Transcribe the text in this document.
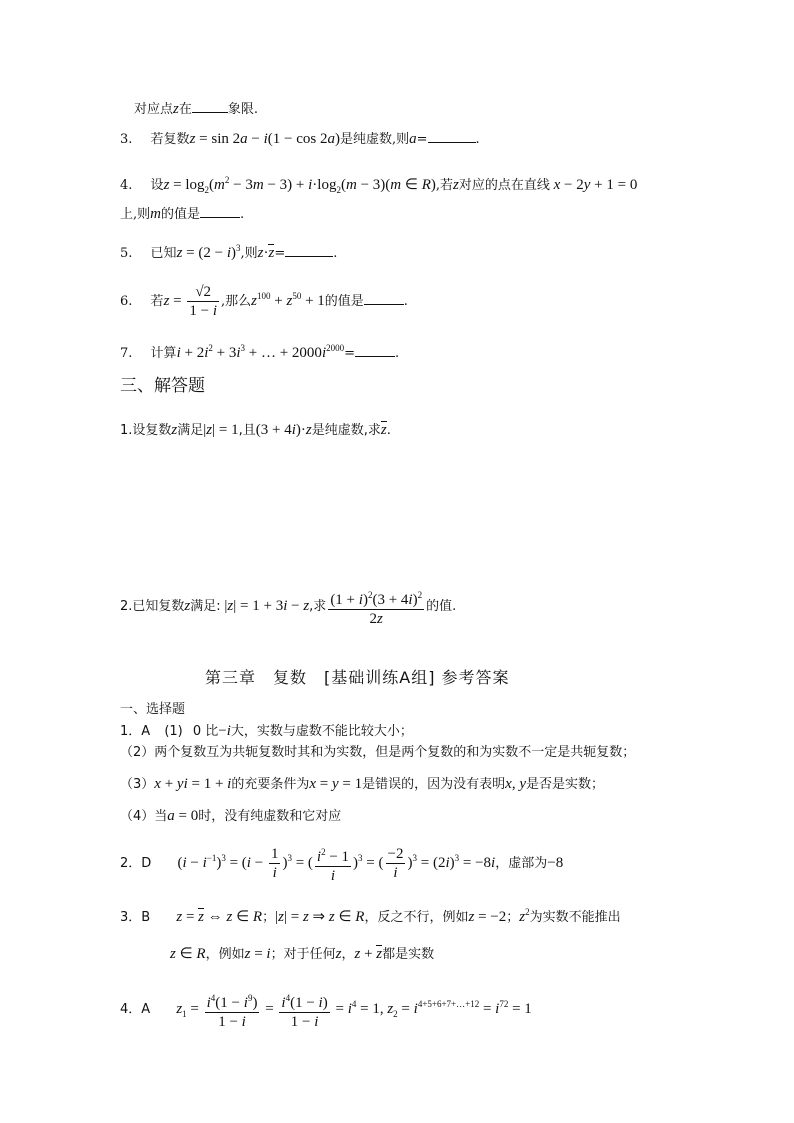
对应点z在	象限.
3. 若复数z = sin 2a − i(1 − cos 2a)是纯虚数,则a=	.
4. 设$z = \log_2(m^2 - 3m - 3) + i\cdot\log_2(m - 3)(m$ ∈ R),若z对应的点在直线 x − 2y + 1 = 0
上,则m的值是	.
5. 已知$z = (2 - i)^3$,则z·z=	.
6. 若$z = \frac{√2}{1 - i}$ ,那么$z^{100} + z^{50} + 1$的值是	.
7. 计算$i + 2i^2 + 3i^3$ + … + $2000i^{2000}=$	.
三、解答题
1.设复数z满足|z| = 1,且(3 + 4i)·z是纯虚数,求z.
2.已知复数z满足: |z| = 1 + 3i − z,求 $\frac{(1 + i)^2(3 + 4i)^2}{2z}$ 的值.
第三章　复数　[基础训练A组] 参考答案
一、选择题
1．A (1) 0 比−i大，实数与虚数不能比较大小；
（2）两个复数互为共轭复数时其和为实数，但是两个复数的和为实数不一定是共轭复数；
（3）x + yi = 1 + i的充要条件为x = y = 1是错误的，因为没有表明x, y是否是实数；
（4）当a = 0时，没有纯虚数和它对应
2．D $(i - i^{-1})^3 = (i - \frac{1}{i} )^3$ = ( $\frac{i^2 - 1}{i} )^3$ = ( $\frac{-2}{i} )^3 = (2i)^3 = -8i$，虚部为−8
3．B z = z ⇔ z ∈ R；|z| = z ⇒ z ∈ R，反之不行，例如z = −2；$z^2$为实数不能推出
z ∈ R，例如z = i；对于任何z，z + z都是实数
4．A $z_1 = \frac{i^4(1 - i^9)}{1 - i} = \frac{i^4(1 - i)}{1 - i} = i^4 = 1$, $z_2 = i^{4+5+6+7+\dots+12} = i^{72} = 1$
